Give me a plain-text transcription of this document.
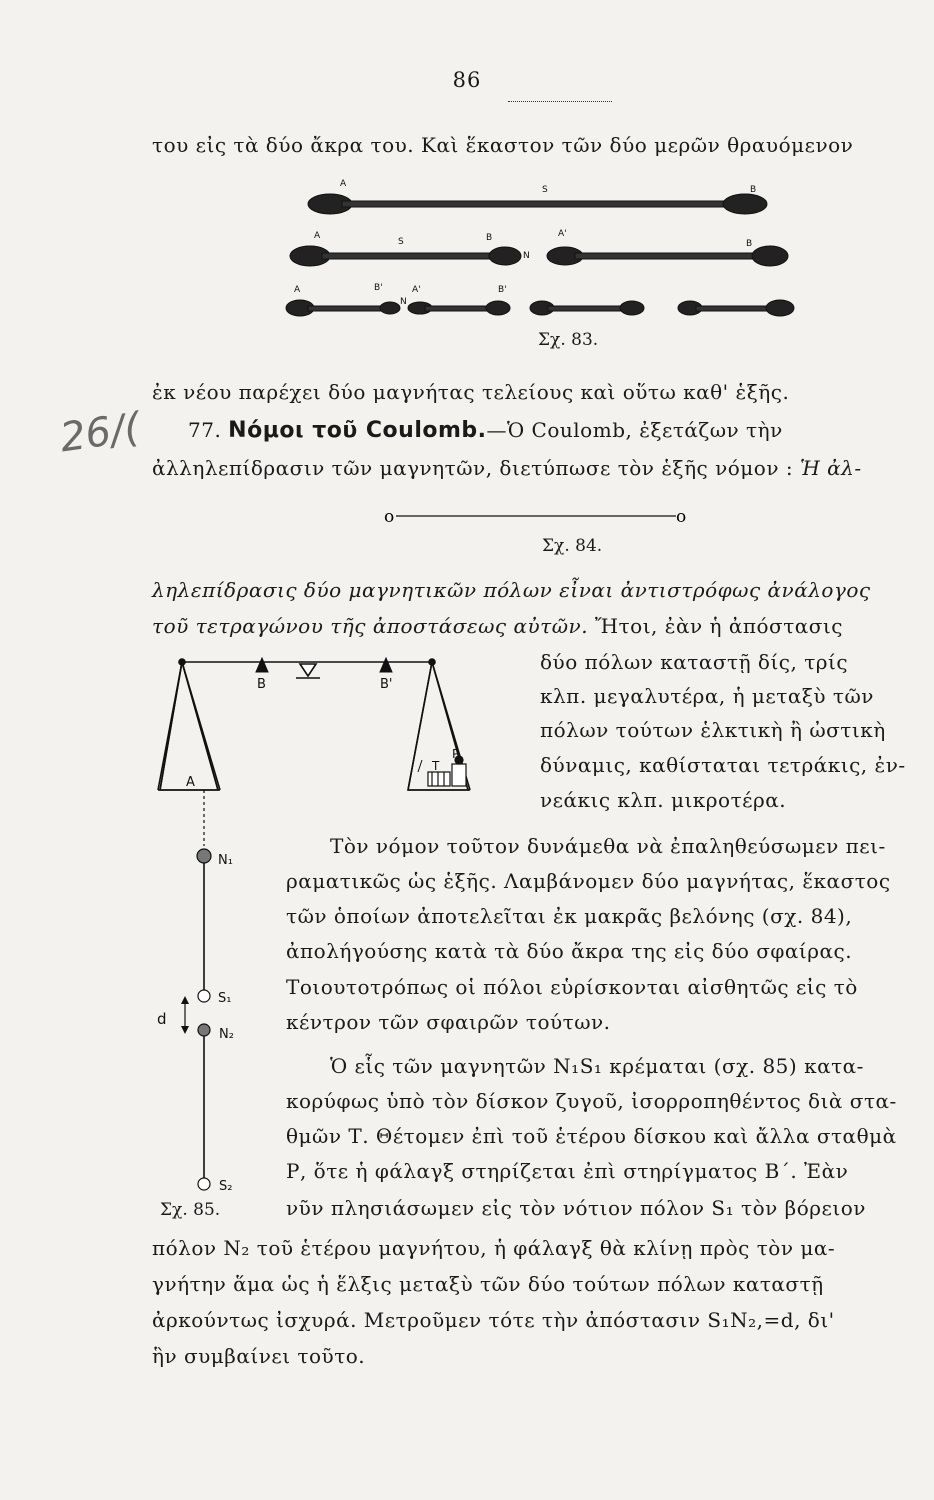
86
του εἰς τὰ δύο ἄκρα του. Καὶ ἕκαστον τῶν δύο μερῶν θραυόμενον
A
S	B
A
S	B
N
A'
B
A	B'	A'
N
B'
Σχ. 83.
ἐκ νέου παρέχει δύο μαγνήτας τελείους καὶ οὕτω καθ' ἑξῆς.
26/( 77. Νόμοι τοῦ Coulomb.—Ὁ Coulomb, ἐξετάζων τὴν
ἀλληλεπίδρασιν τῶν μαγνητῶν, διετύπωσε τὸν ἑξῆς νόμον : Ἡ ἀλ-
o	o
Σχ. 84.
ληλεπίδρασις δύο μαγνητικῶν πόλων εἶναι ἀντιστρόφως ἀνάλογος
τοῦ τετραγώνου τῆς ἀποστάσεως αὐτῶν. Ἤτοι, ἐὰν ἡ ἀπόστασις
B	B'
A
T
P
N₁
S₁
d
N₂
S₂
Σχ. 85.
δύο πόλων καταστῇ δίς, τρίς
κλπ. μεγαλυτέρα, ἡ μεταξὺ τῶν
πόλων τούτων ἑλκτικὴ ἢ ὠστικὴ
δύναμις, καθίσταται τετράκις, ἐν-
νεάκις κλπ. μικροτέρα.
Τὸν νόμον τοῦτον δυνάμεθα νὰ ἐπαληθεύσωμεν πει-
ραματικῶς ὡς ἑξῆς. Λαμβάνομεν δύο μαγνήτας, ἕκαστος
τῶν ὁποίων ἀποτελεῖται ἐκ μακρᾶς βελόνης (σχ. 84),
ἀπολήγούσης κατὰ τὰ δύο ἄκρα της εἰς δύο σφαίρας.
Τοιουτοτρόπως οἱ πόλοι εὑρίσκονται αἰσθητῶς εἰς τὸ
κέντρον τῶν σφαιρῶν τούτων.
Ὁ εἷς τῶν μαγνητῶν N₁S₁ κρέμαται (σχ. 85) κατα-
κορύφως ὑπὸ τὸν δίσκον ζυγοῦ, ἰσορροπηθέντος διὰ στα-
θμῶν Τ. Θέτομεν ἐπὶ τοῦ ἑτέρου δίσκου καὶ ἄλλα σταθμὰ
Ρ, ὅτε ἡ φάλαγξ στηρίζεται ἐπὶ στηρίγματος Β΄. Ἐὰν
νῦν πλησιάσωμεν εἰς τὸν νότιον πόλον S₁ τὸν βόρειον
πόλον N₂ τοῦ ἑτέρου μαγνήτου, ἡ φάλαγξ θὰ κλίνῃ πρὸς τὸν μα-
γνήτην ἅμα ὡς ἡ ἕλξις μεταξὺ τῶν δύο τούτων πόλων καταστῇ
ἀρκούντως ἰσχυρά. Μετροῦμεν τότε τὴν ἀπόστασιν S₁N₂,=d, δι'
ἣν συμβαίνει τοῦτο.
